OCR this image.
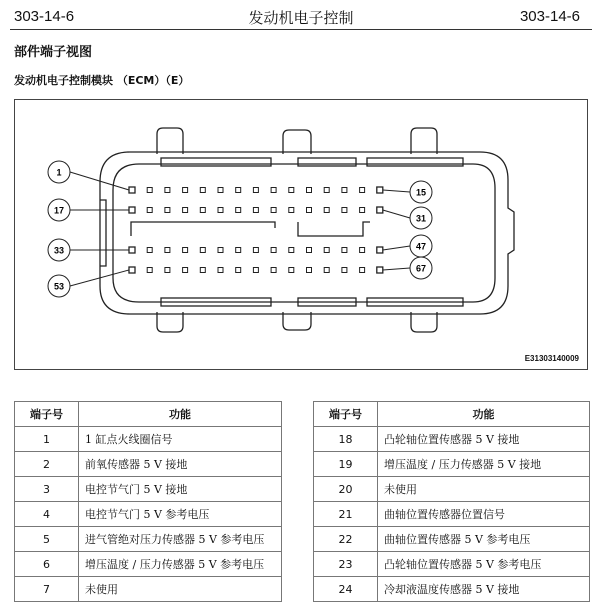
303-14-6	发动机电子控制	303-14-6
部件端子视图
发动机电子控制模块 （ECM）（E）
1
17
33
53
15
31
47
67
E31303140009
端子号	功能
1	1 缸点火线圈信号
2	前氧传感器 5 V 接地
3	电控节气门 5 V 接地
4	电控节气门 5 V 参考电压
5	进气管绝对压力传感器 5 V 参考电压
6	增压温度 / 压力传感器 5 V 参考电压
7	未使用
端子号	功能
18	凸轮轴位置传感器 5 V 接地
19	增压温度 / 压力传感器 5 V 接地
20	未使用
21	曲轴位置传感器位置信号
22	曲轴位置传感器 5 V 参考电压
23	凸轮轴位置传感器 5 V 参考电压
24	冷却液温度传感器 5 V 接地
